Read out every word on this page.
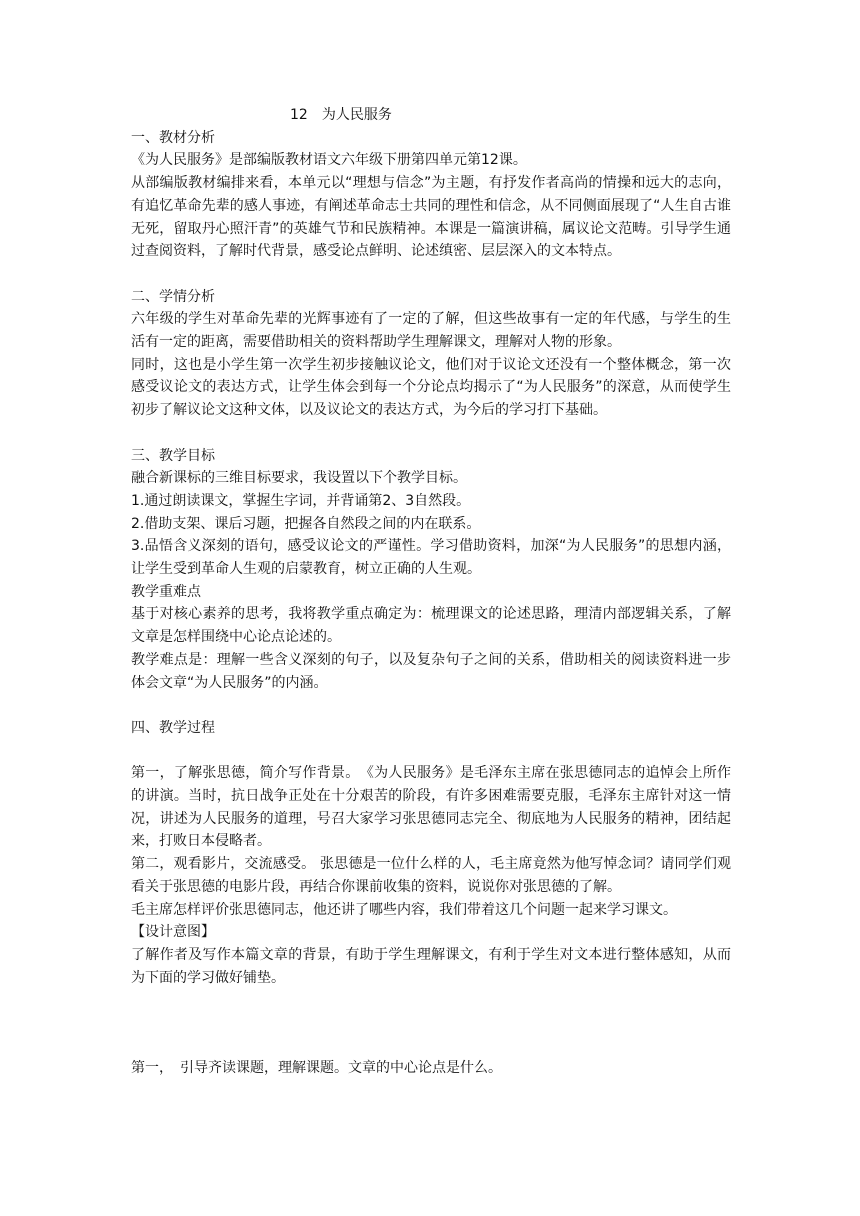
12　为人民服务
一、教材分析
《为人民服务》是部编版教材语文六年级下册第四单元第12课。
从部编版教材编排来看，本单元以“理想与信念”为主题，有抒发作者高尚的情操和远大的志向，有追忆革命先辈的感人事迹，有阐述革命志士共同的理性和信念，从不同侧面展现了“人生自古谁无死，留取丹心照汗青”的英雄气节和民族精神。本课是一篇演讲稿，属议论文范畴。引导学生通过查阅资料，了解时代背景，感受论点鲜明、论述缜密、层层深入的文本特点。
二、学情分析
六年级的学生对革命先辈的光辉事迹有了一定的了解，但这些故事有一定的年代感，与学生的生活有一定的距离，需要借助相关的资料帮助学生理解课文，理解对人物的形象。
同时，这也是小学生第一次学生初步接触议论文，他们对于议论文还没有一个整体概念，第一次感受议论文的表达方式，让学生体会到每一个分论点均揭示了“为人民服务”的深意，从而使学生初步了解议论文这种文体，以及议论文的表达方式，为今后的学习打下基础。
三、教学目标
融合新课标的三维目标要求，我设置以下个教学目标。
1.通过朗读课文，掌握生字词，并背诵第2、3自然段。
2.借助支架、课后习题，把握各自然段之间的内在联系。
3.品悟含义深刻的语句，感受议论文的严谨性。学习借助资料，加深“为人民服务”的思想内涵，让学生受到革命人生观的启蒙教育，树立正确的人生观。
教学重难点
基于对核心素养的思考，我将教学重点确定为：梳理课文的论述思路，理清内部逻辑关系，了解文章是怎样围绕中心论点论述的。
教学难点是：理解一些含义深刻的句子，以及复杂句子之间的关系，借助相关的阅读资料进一步体会文章“为人民服务”的内涵。
四、教学过程
第一，了解张思德，简介写作背景。　《为人民服务》是毛泽东主席在张思德同志的追悼会上所作的讲演。当时，抗日战争正处在十分艰苦的阶段，有许多困难需要克服，毛泽东主席针对这一情况，讲述为人民服务的道理，号召大家学习张思德同志完全、彻底地为人民服务的精神，团结起来，打败日本侵略者。
第二，观看影片，交流感受。 张思德是一位什么样的人，毛主席竟然为他写悼念词？请同学们观看关于张思德的电影片段，再结合你课前收集的资料，说说你对张思德的了解。
毛主席怎样评价张思德同志，他还讲了哪些内容，我们带着这几个问题一起来学习课文。
【设计意图】
了解作者及写作本篇文章的背景，有助于学生理解课文，有利于学生对文本进行整体感知，从而为下面的学习做好铺垫。
第一，　引导齐读课题，理解课题。文章的中心论点是什么。
